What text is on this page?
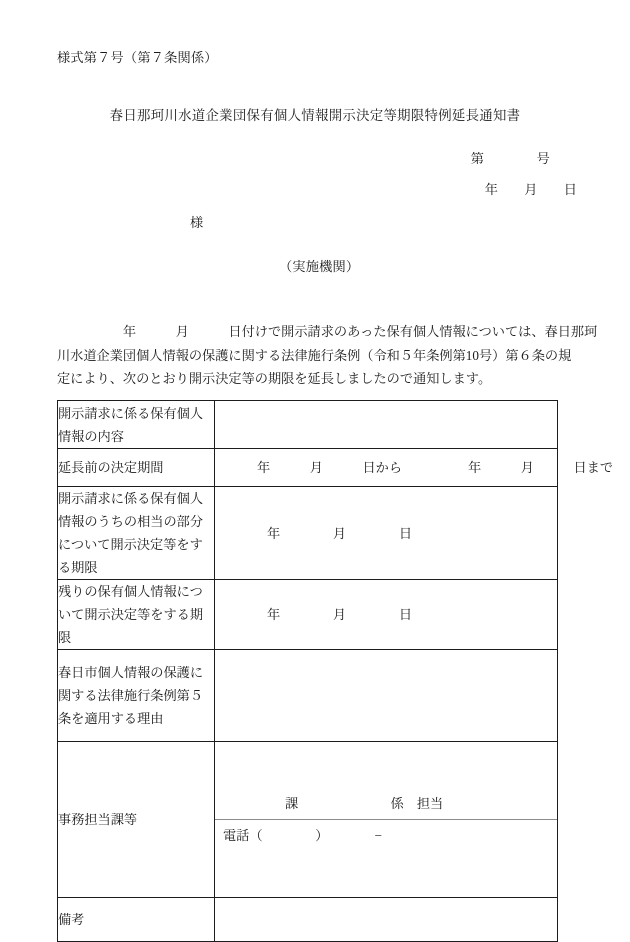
様式第７号（第７条関係）
春日那珂川水道企業団保有個人情報開示決定等期限特例延長通知書
第　　　　号
年　　月　　日
様
（実施機関）
　　　　　年　　　月　　　日付けで開示請求のあった保有個人情報については、春日那珂
川水道企業団個人情報の保護に関する法律施行条例（令和５年条例第10号）第６条の規
定により、次のとおり開示決定等の期限を延長しましたので通知します。
開示請求に係る保有個人情報の内容

延長前の決定期間	年　　　月　　　日から　　　　　年　　　月　　　日まで

開示請求に係る保有個人情報のうちの相当の部分について開示決定等をする期限
	年　　　　月　　　　日

残りの保有個人情報について開示決定等をする期限
	年　　　　月　　　　日

春日市個人情報の保護に関する法律施行条例第５条を適用する理由

事務担当課等

課　　　　　　　係　担当
電話（　　　　）　　　　−

備考
